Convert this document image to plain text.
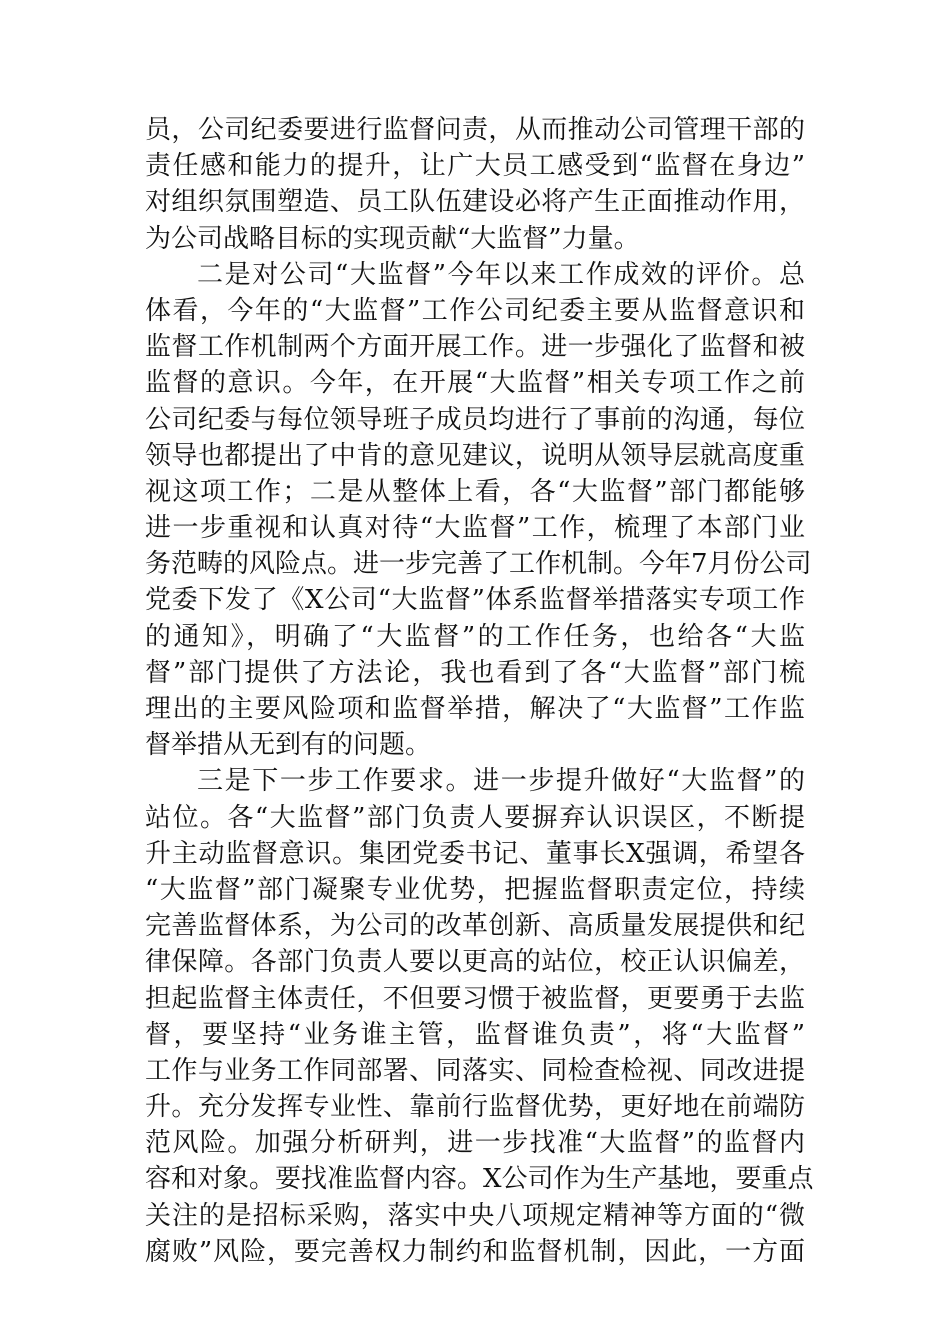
员，公司纪委要进行监督问责，从而推动公司管理干部的
责任感和能力的提升，让广大员工感受到“监督在身边”
对组织氛围塑造、员工队伍建设必将产生正面推动作用，
为公司战略目标的实现贡献“大监督”力量。
二是对公司“大监督”今年以来工作成效的评价。总
体看，今年的“大监督”工作公司纪委主要从监督意识和
监督工作机制两个方面开展工作。进一步强化了监督和被
监督的意识。今年，在开展“大监督”相关专项工作之前
公司纪委与每位领导班子成员均进行了事前的沟通，每位
领导也都提出了中肯的意见建议，说明从领导层就高度重
视这项工作；二是从整体上看，各“大监督”部门都能够
进一步重视和认真对待“大监督”工作，梳理了本部门业
务范畴的风险点。进一步完善了工作机制。今年7月份公司
党委下发了《X公司“大监督”体系监督举措落实专项工作
的通知》，明确了“大监督”的工作任务，也给各“大监
督”部门提供了方法论，我也看到了各“大监督”部门梳
理出的主要风险项和监督举措，解决了“大监督”工作监
督举措从无到有的问题。
三是下一步工作要求。进一步提升做好“大监督”的
站位。各“大监督”部门负责人要摒弃认识误区，不断提
升主动监督意识。集团党委书记、董事长X强调，希望各
“大监督”部门凝聚专业优势，把握监督职责定位，持续
完善监督体系，为公司的改革创新、高质量发展提供和纪
律保障。各部门负责人要以更高的站位，校正认识偏差，
担起监督主体责任，不但要习惯于被监督，更要勇于去监
督，要坚持“业务谁主管，监督谁负责”，将“大监督”
工作与业务工作同部署、同落实、同检查检视、同改进提
升。充分发挥专业性、靠前行监督优势，更好地在前端防
范风险。加强分析研判，进一步找准“大监督”的监督内
容和对象。要找准监督内容。X公司作为生产基地，要重点
关注的是招标采购，落实中央八项规定精神等方面的“微
腐败”风险，要完善权力制约和监督机制，因此，一方面
